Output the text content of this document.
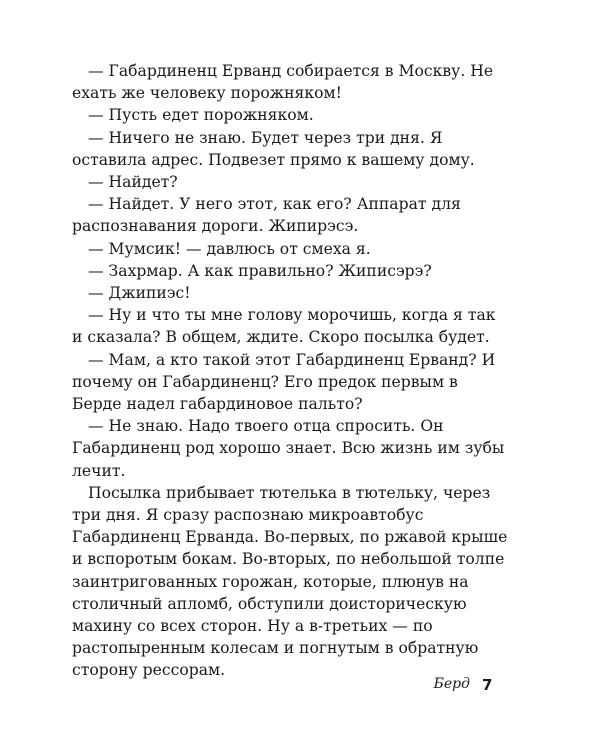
— Габардиненц Ерванд собирается в Москву. Не ехать же человеку порожняком!

— Пусть едет порожняком.

— Ничего не знаю. Будет через три дня. Я оставила адрес. Подвезет прямо к вашему дому.

— Найдет?

— Найдет. У него этот, как его? Аппарат для распознавания дороги. Жипирэсэ.

— Мумсик! — давлюсь от смеха я.

— Захрмар. А как правильно? Жиписэрэ?

— Джипиэс!

— Ну и что ты мне голову морочишь, когда я так и сказала? В общем, ждите. Скоро посылка будет.

— Мам, а кто такой этот Габардиненц Ерванд? И почему он Габардиненц? Его предок первым в Берде надел габардиновое пальто?

— Не знаю. Надо твоего отца спросить. Он Габардиненц род хорошо знает. Всю жизнь им зубы лечит.

Посылка прибывает тютелька в тютельку, через три дня. Я сразу распознаю микроавтобус Габардиненц Ерванда. Во-первых, по ржавой крыше и вспоротым бокам. Во-вторых, по небольшой толпе заинтригованных горожан, которые, плюнув на столичный апломб, обступили доисторическую махину со всех сторон. Ну а в-третьих — по растопыренным колесам и погнутым в обратную сторону рессорам.

Берд 7
